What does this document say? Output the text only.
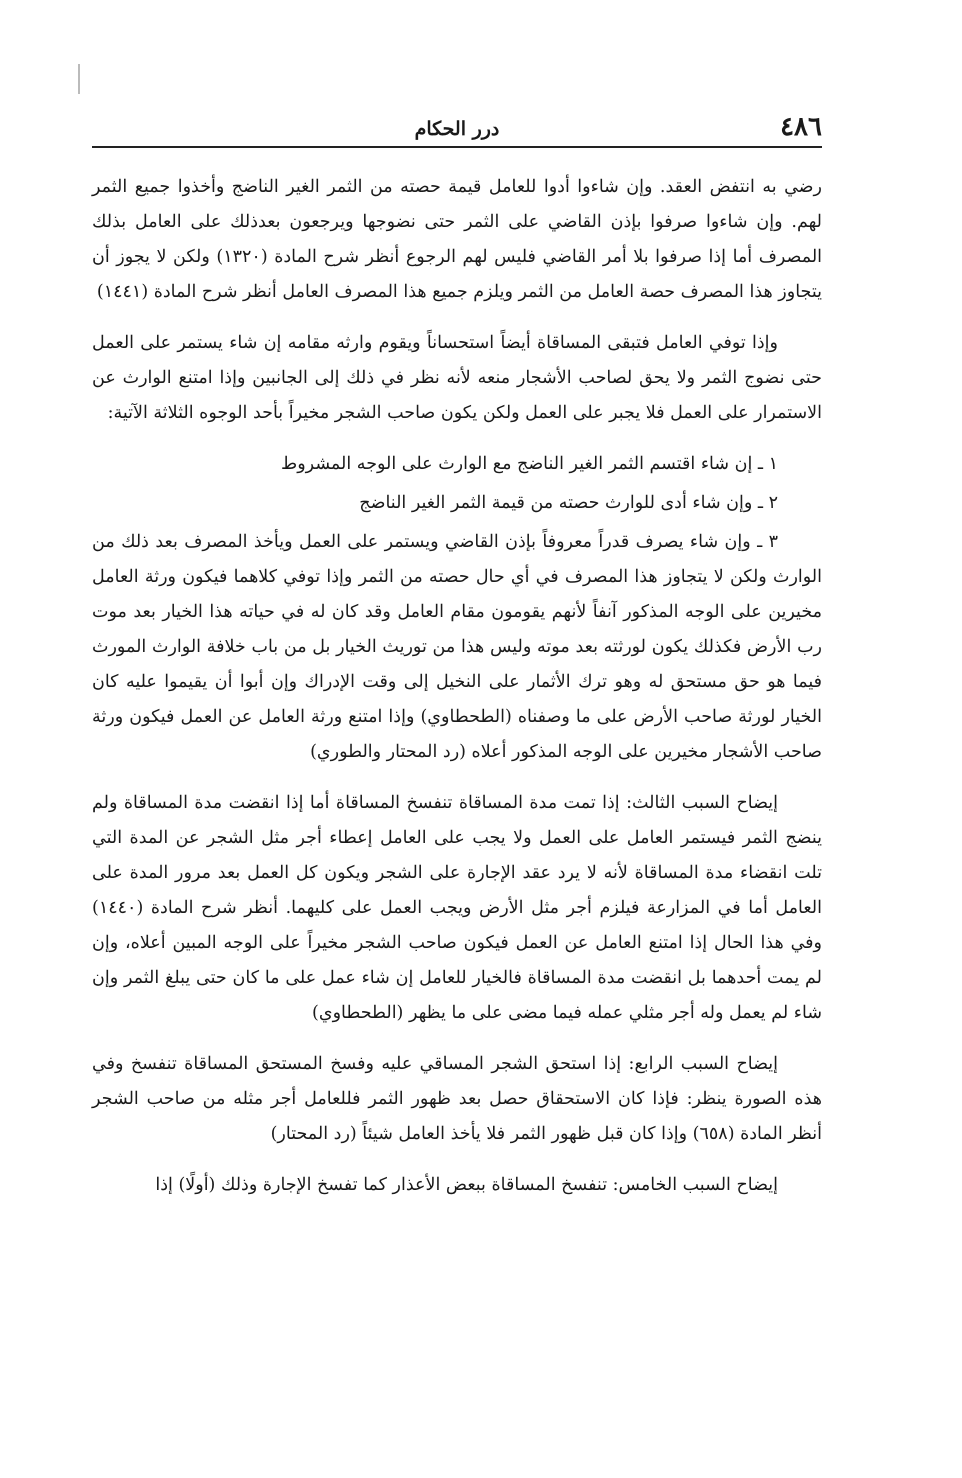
٤٨٦
درر الحكام

رضي به انتفض العقد. وإن شاءوا أدوا للعامل قيمة حصته من الثمر الغير الناضج وأخذوا جميع الثمر لهم. وإن شاءوا صرفوا بإذن القاضي على الثمر حتى نضوجها ويرجعون بعدذلك على العامل بذلك المصرف أما إذا صرفوا بلا أمر القاضي فليس لهم الرجوع أنظر شرح المادة (١٣٢٠) ولكن لا يجوز أن يتجاوز هذا المصرف حصة العامل من الثمر ويلزم جميع هذا المصرف العامل أنظر شرح المادة (١٤٤١)

وإذا توفي العامل فتبقى المساقاة أيضاً استحساناً ويقوم وارثه مقامه إن شاء يستمر على العمل حتى نضوج الثمر ولا يحق لصاحب الأشجار منعه لأنه نظر في ذلك إلى الجانبين وإذا امتنع الوارث عن الاستمرار على العمل فلا يجبر على العمل ولكن يكون صاحب الشجر مخيراً بأحد الوجوه الثلاثة الآتية:

١ ـ إن شاء اقتسم الثمر الغير الناضج مع الوارث على الوجه المشروط

٢ ـ وإن شاء أدى للوارث حصته من قيمة الثمر الغير الناضج

٣ ـ وإن شاء يصرف قدراً معروفاً بإذن القاضي ويستمر على العمل ويأخذ المصرف بعد ذلك من الوارث ولكن لا يتجاوز هذا المصرف في أي حال حصته من الثمر وإذا توفي كلاهما فيكون ورثة العامل مخيرين على الوجه المذكور آنفاً لأنهم يقومون مقام العامل وقد كان له في حياته هذا الخيار بعد موت رب الأرض فكذلك يكون لورثته بعد موته وليس هذا من توريث الخيار بل من باب خلافة الوارث المورث فيما هو حق مستحق له وهو ترك الأثمار على النخيل إلى وقت الإدراك وإن أبوا أن يقيموا عليه كان الخيار لورثة صاحب الأرض على ما وصفناه (الطحطاوي) وإذا امتنع ورثة العامل عن العمل فيكون ورثة صاحب الأشجار مخيرين على الوجه المذكور أعلاه (رد المحتار والطوري)

إيضاح السبب الثالث: إذا تمت مدة المساقاة تنفسخ المساقاة أما إذا انقضت مدة المساقاة ولم ينضج الثمر فيستمر العامل على العمل ولا يجب على العامل إعطاء أجر مثل الشجر عن المدة التي تلت انقضاء مدة المساقاة لأنه لا يرد عقد الإجارة على الشجر ويكون كل العمل بعد مرور المدة على العامل أما في المزارعة فيلزم أجر مثل الأرض ويجب العمل على كليهما. أنظر شرح المادة (١٤٤٠) وفي هذا الحال إذا امتنع العامل عن العمل فيكون صاحب الشجر مخيراً على الوجه المبين أعلاه، وإن لم يمت أحدهما بل انقضت مدة المساقاة فالخيار للعامل إن شاء عمل على ما كان حتى يبلغ الثمر وإن شاء لم يعمل وله أجر مثلي عمله فيما مضى على ما يظهر (الطحطاوي)

إيضاح السبب الرابع: إذا استحق الشجر المساقي عليه وفسخ المستحق المساقاة تنفسخ وفي هذه الصورة ينظر: فإذا كان الاستحقاق حصل بعد ظهور الثمر فللعامل أجر مثله من صاحب الشجر أنظر المادة (٦٥٨) وإذا كان قبل ظهور الثمر فلا يأخذ العامل شيئاً (رد المحتار)

إيضاح السبب الخامس: تنفسخ المساقاة ببعض الأعذار كما تفسخ الإجارة وذلك (أولًا) إذا
